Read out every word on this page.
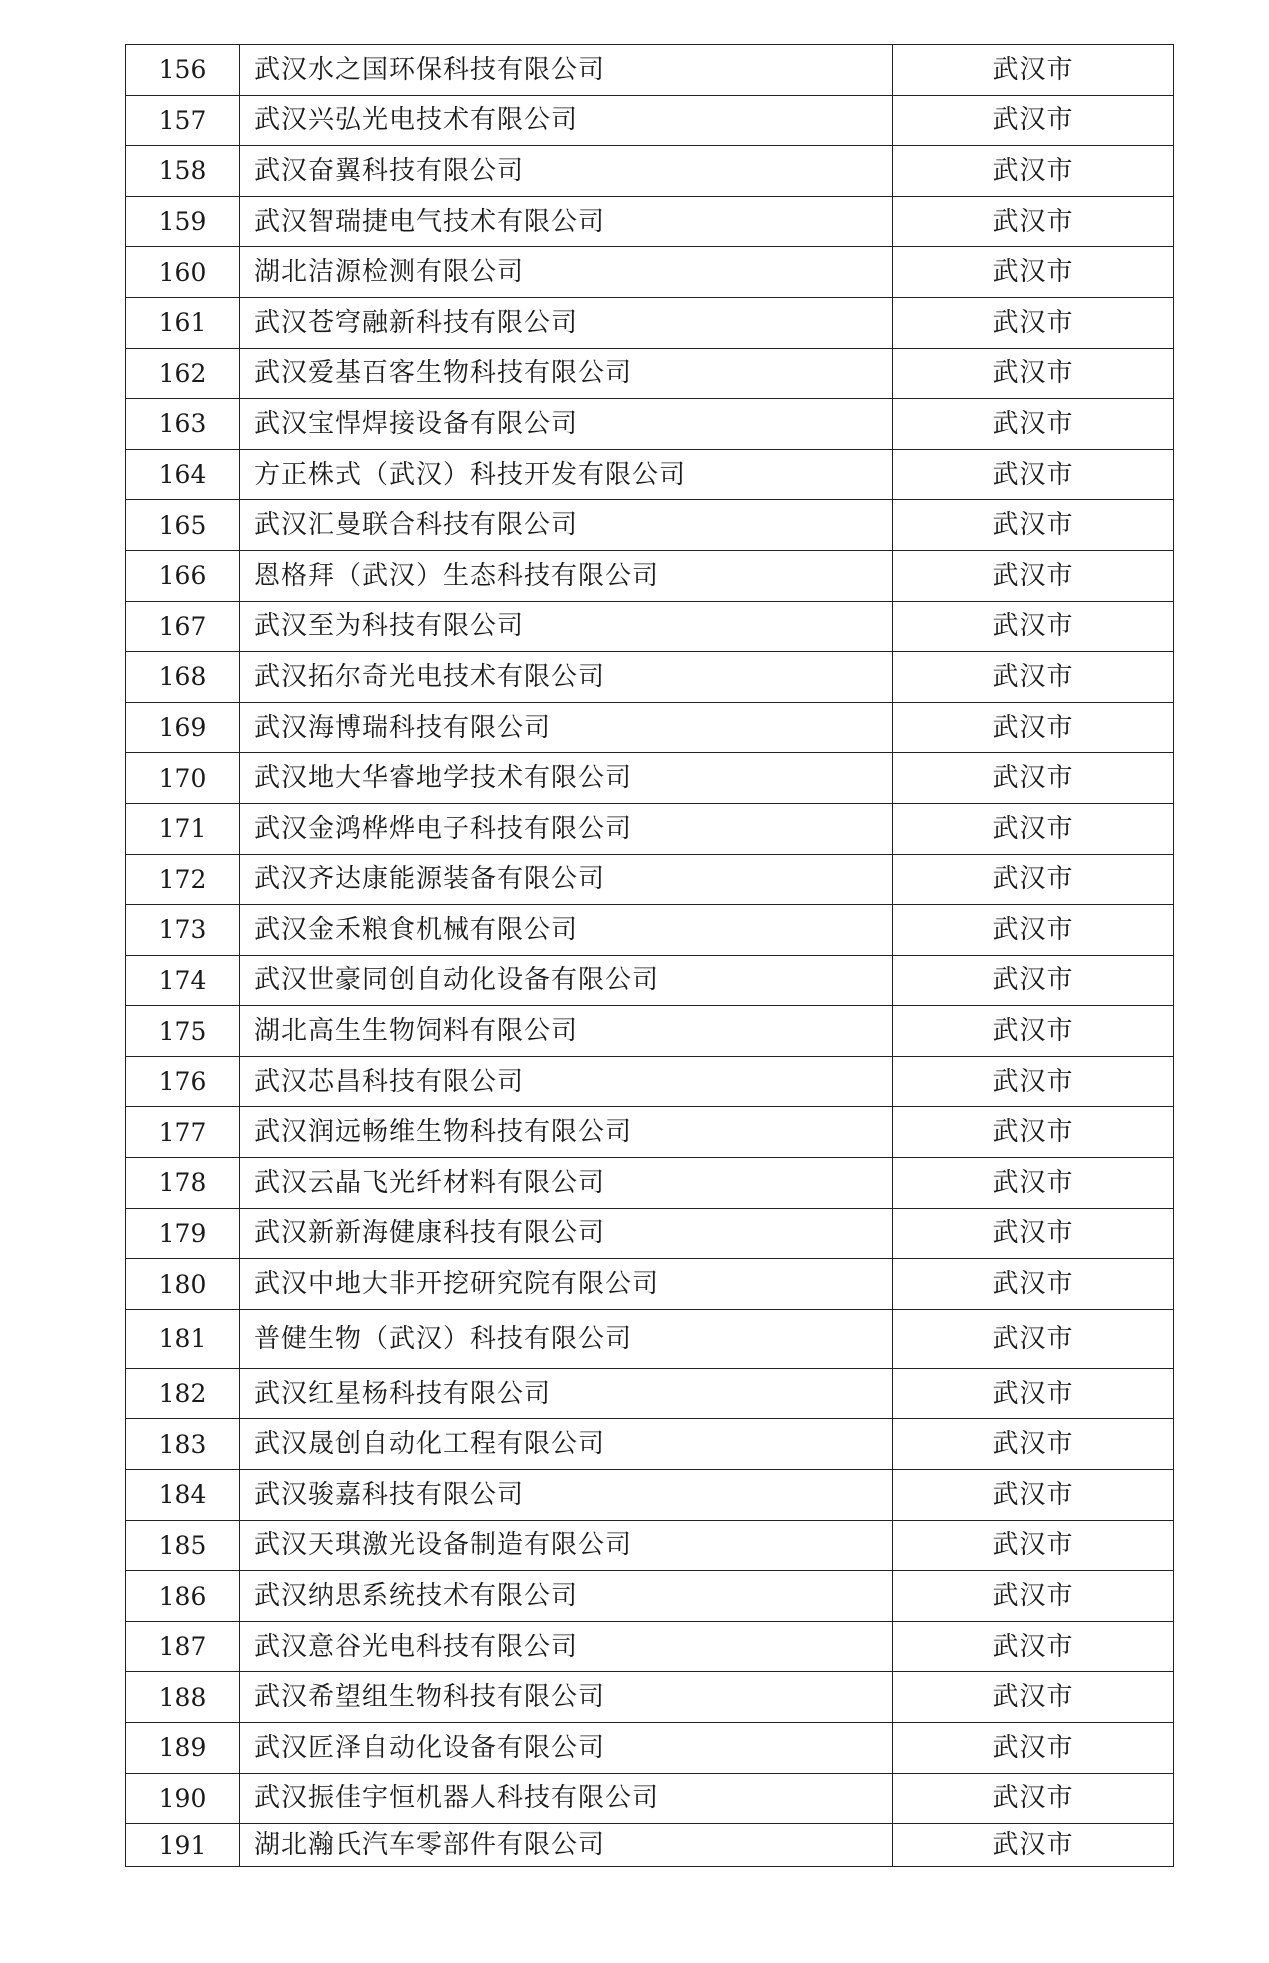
156	武汉水之国环保科技有限公司	武汉市
157	武汉兴弘光电技术有限公司	武汉市
158	武汉奋翼科技有限公司	武汉市
159	武汉智瑞捷电气技术有限公司	武汉市
160	湖北洁源检测有限公司	武汉市
161	武汉苍穹融新科技有限公司	武汉市
162	武汉爱基百客生物科技有限公司	武汉市
163	武汉宝悍焊接设备有限公司	武汉市
164	方正株式（武汉）科技开发有限公司	武汉市
165	武汉汇曼联合科技有限公司	武汉市
166	恩格拜（武汉）生态科技有限公司	武汉市
167	武汉至为科技有限公司	武汉市
168	武汉拓尔奇光电技术有限公司	武汉市
169	武汉海博瑞科技有限公司	武汉市
170	武汉地大华睿地学技术有限公司	武汉市
171	武汉金鸿桦烨电子科技有限公司	武汉市
172	武汉齐达康能源装备有限公司	武汉市
173	武汉金禾粮食机械有限公司	武汉市
174	武汉世豪同创自动化设备有限公司	武汉市
175	湖北高生生物饲料有限公司	武汉市
176	武汉芯昌科技有限公司	武汉市
177	武汉润远畅维生物科技有限公司	武汉市
178	武汉云晶飞光纤材料有限公司	武汉市
179	武汉新新海健康科技有限公司	武汉市
180	武汉中地大非开挖研究院有限公司	武汉市
181	普健生物（武汉）科技有限公司	武汉市
182	武汉红星杨科技有限公司	武汉市
183	武汉晟创自动化工程有限公司	武汉市
184	武汉骏嘉科技有限公司	武汉市
185	武汉天琪激光设备制造有限公司	武汉市
186	武汉纳思系统技术有限公司	武汉市
187	武汉意谷光电科技有限公司	武汉市
188	武汉希望组生物科技有限公司	武汉市
189	武汉匠泽自动化设备有限公司	武汉市
190	武汉振佳宇恒机器人科技有限公司	武汉市
191	湖北瀚氏汽车零部件有限公司	武汉市
